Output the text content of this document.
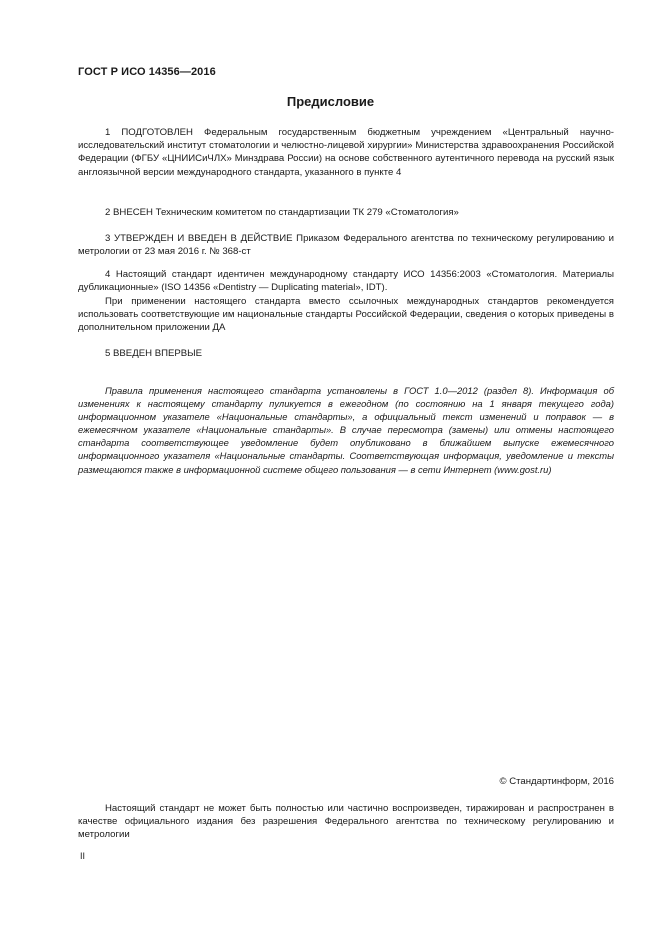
ГОСТ Р ИСО 14356—2016
Предисловие

1 ПОДГОТОВЛЕН Федеральным государственным бюджетным учреждением «Центральный научно-исследовательский институт стоматологии и челюстно-лицевой хирургии» Министерства здравоохранения Российской Федерации (ФГБУ «ЦНИИСиЧЛХ» Минздрава России) на основе собственного аутентичного перевода на русский язык англоязычной версии международного стандарта, указанного в пункте 4

2 ВНЕСЕН Техническим комитетом по стандартизации ТК 279 «Стоматология»

3 УТВЕРЖДЕН И ВВЕДЕН В ДЕЙСТВИЕ Приказом Федерального агентства по техническому регулированию и метрологии от 23 мая 2016 г. № 368-ст

4 Настоящий стандарт идентичен международному стандарту ИСО 14356:2003 «Стоматология. Материалы дубликационные» (ISO 14356 «Dentistry — Duplicating material», IDT).

При применении настоящего стандарта вместо ссылочных международных стандартов рекомендуется использовать соответствующие им национальные стандарты Российской Федерации, сведения о которых приведены в дополнительном приложении ДА

5 ВВЕДЕН ВПЕРВЫЕ

Правила применения настоящего стандарта установлены в ГОСТ 1.0—2012 (раздел 8). Информация об изменениях к настоящему стандарту пуликуется в ежегодном (по состоянию на 1 января текущего года) информационном указателе «Национальные стандарты», а официальный текст изменений и поправок — в ежемесячном указателе «Национальные стандарты». В случае пересмотра (замены) или отмены настоящего стандарта соответствующее уведомление будет опубликовано в ближайшем выпуске ежемесячного информационного указателя «Национальные стандарты. Соответствующая информация, уведомление и тексты размещаются также в информационной системе общего пользования — в сети Интернет (www.gost.ru)

© Стандартинформ, 2016

Настоящий стандарт не может быть полностью или частично воспроизведен, тиражирован и распространен в качестве официального издания без разрешения Федерального агентства по техническому регулированию и метрологии

II
